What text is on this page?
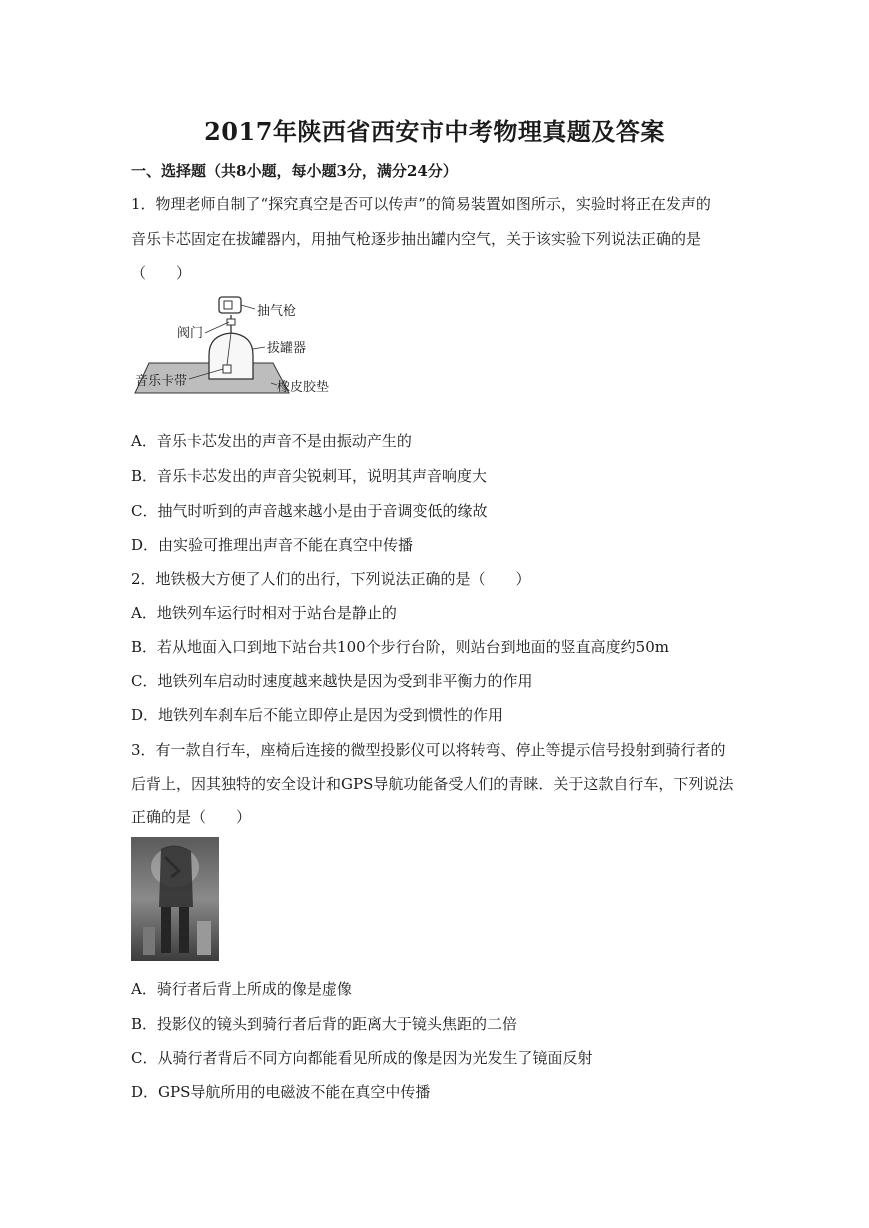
2017年陕西省西安市中考物理真题及答案
一、选择题（共8小题，每小题3分，满分24分）
1．物理老师自制了“探究真空是否可以传声”的简易装置如图所示，实验时将正在发声的
音乐卡芯固定在拔罐器内，用抽气枪逐步抽出罐内空气，关于该实验下列说法正确的是
（　　）
抽气枪
阀门
拔罐器
音乐卡带	橡皮胶垫
A．音乐卡芯发出的声音不是由振动产生的
B．音乐卡芯发出的声音尖锐刺耳，说明其声音响度大
C．抽气时听到的声音越来越小是由于音调变低的缘故
D．由实验可推理出声音不能在真空中传播
2．地铁极大方便了人们的出行，下列说法正确的是（　　）
A．地铁列车运行时相对于站台是静止的
B．若从地面入口到地下站台共100个步行台阶，则站台到地面的竖直高度约50m
C．地铁列车启动时速度越来越快是因为受到非平衡力的作用
D．地铁列车刹车后不能立即停止是因为受到惯性的作用
3．有一款自行车，座椅后连接的微型投影仪可以将转弯、停止等提示信号投射到骑行者的
后背上，因其独特的安全设计和GPS导航功能备受人们的青睐．关于这款自行车，下列说法
正确的是（　　）
A．骑行者后背上所成的像是虚像
B．投影仪的镜头到骑行者后背的距离大于镜头焦距的二倍
C．从骑行者背后不同方向都能看见所成的像是因为光发生了镜面反射
D．GPS导航所用的电磁波不能在真空中传播
